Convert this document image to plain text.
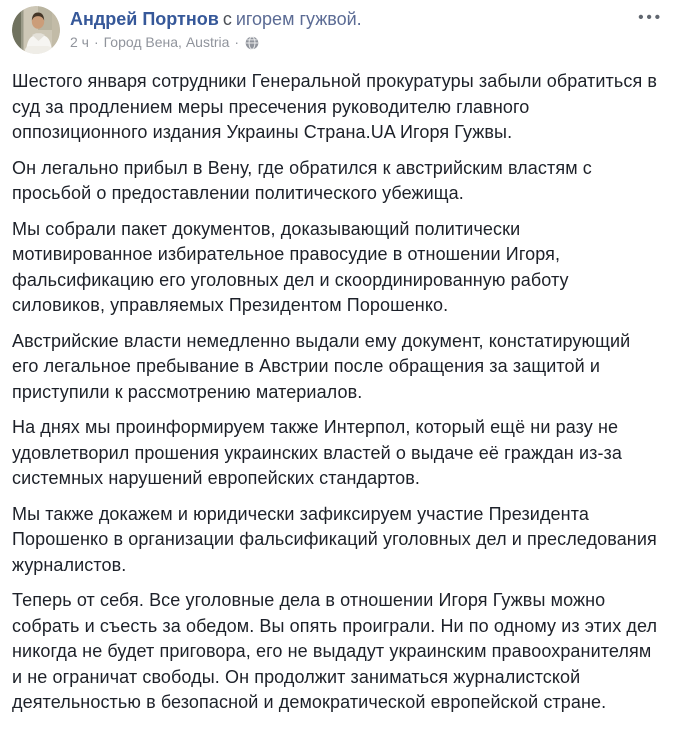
Андрей Портнов с игорем гужвой.
2 ч · Город Вена, Austria ·
•••

Шестого января сотрудники Генеральной прокуратуры забыли обратиться в суд за продлением меры пресечения руководителю главного оппозиционного издания Украины Страна.UA Игоря Гужвы.

Он легально прибыл в Вену, где обратился к австрийским властям с просьбой о предоставлении политического убежища.

Мы собрали пакет документов, доказывающий политически мотивированное избирательное правосудие в отношении Игоря, фальсификацию его уголовных дел и скоординированную работу силовиков, управляемых Президентом Порошенко.

Австрийские власти немедленно выдали ему документ, констатирующий его легальное пребывание в Австрии после обращения за защитой и приступили к рассмотрению материалов.

На днях мы проинформируем также Интерпол, который ещё ни разу не удовлетворил прошения украинских властей о выдаче её граждан из-за системных нарушений европейских стандартов.

Мы также докажем и юридически зафиксируем участие Президента Порошенко в организации фальсификаций уголовных дел и преследования журналистов.

Теперь от себя. Все уголовные дела в отношении Игоря Гужвы можно собрать и съесть за обедом. Вы опять проиграли. Ни по одному из этих дел никогда не будет приговора, его не выдадут украинским правоохранителям и не ограничат свободы. Он продолжит заниматься журналистской деятельностью в безопасной и демократической европейской стране.
